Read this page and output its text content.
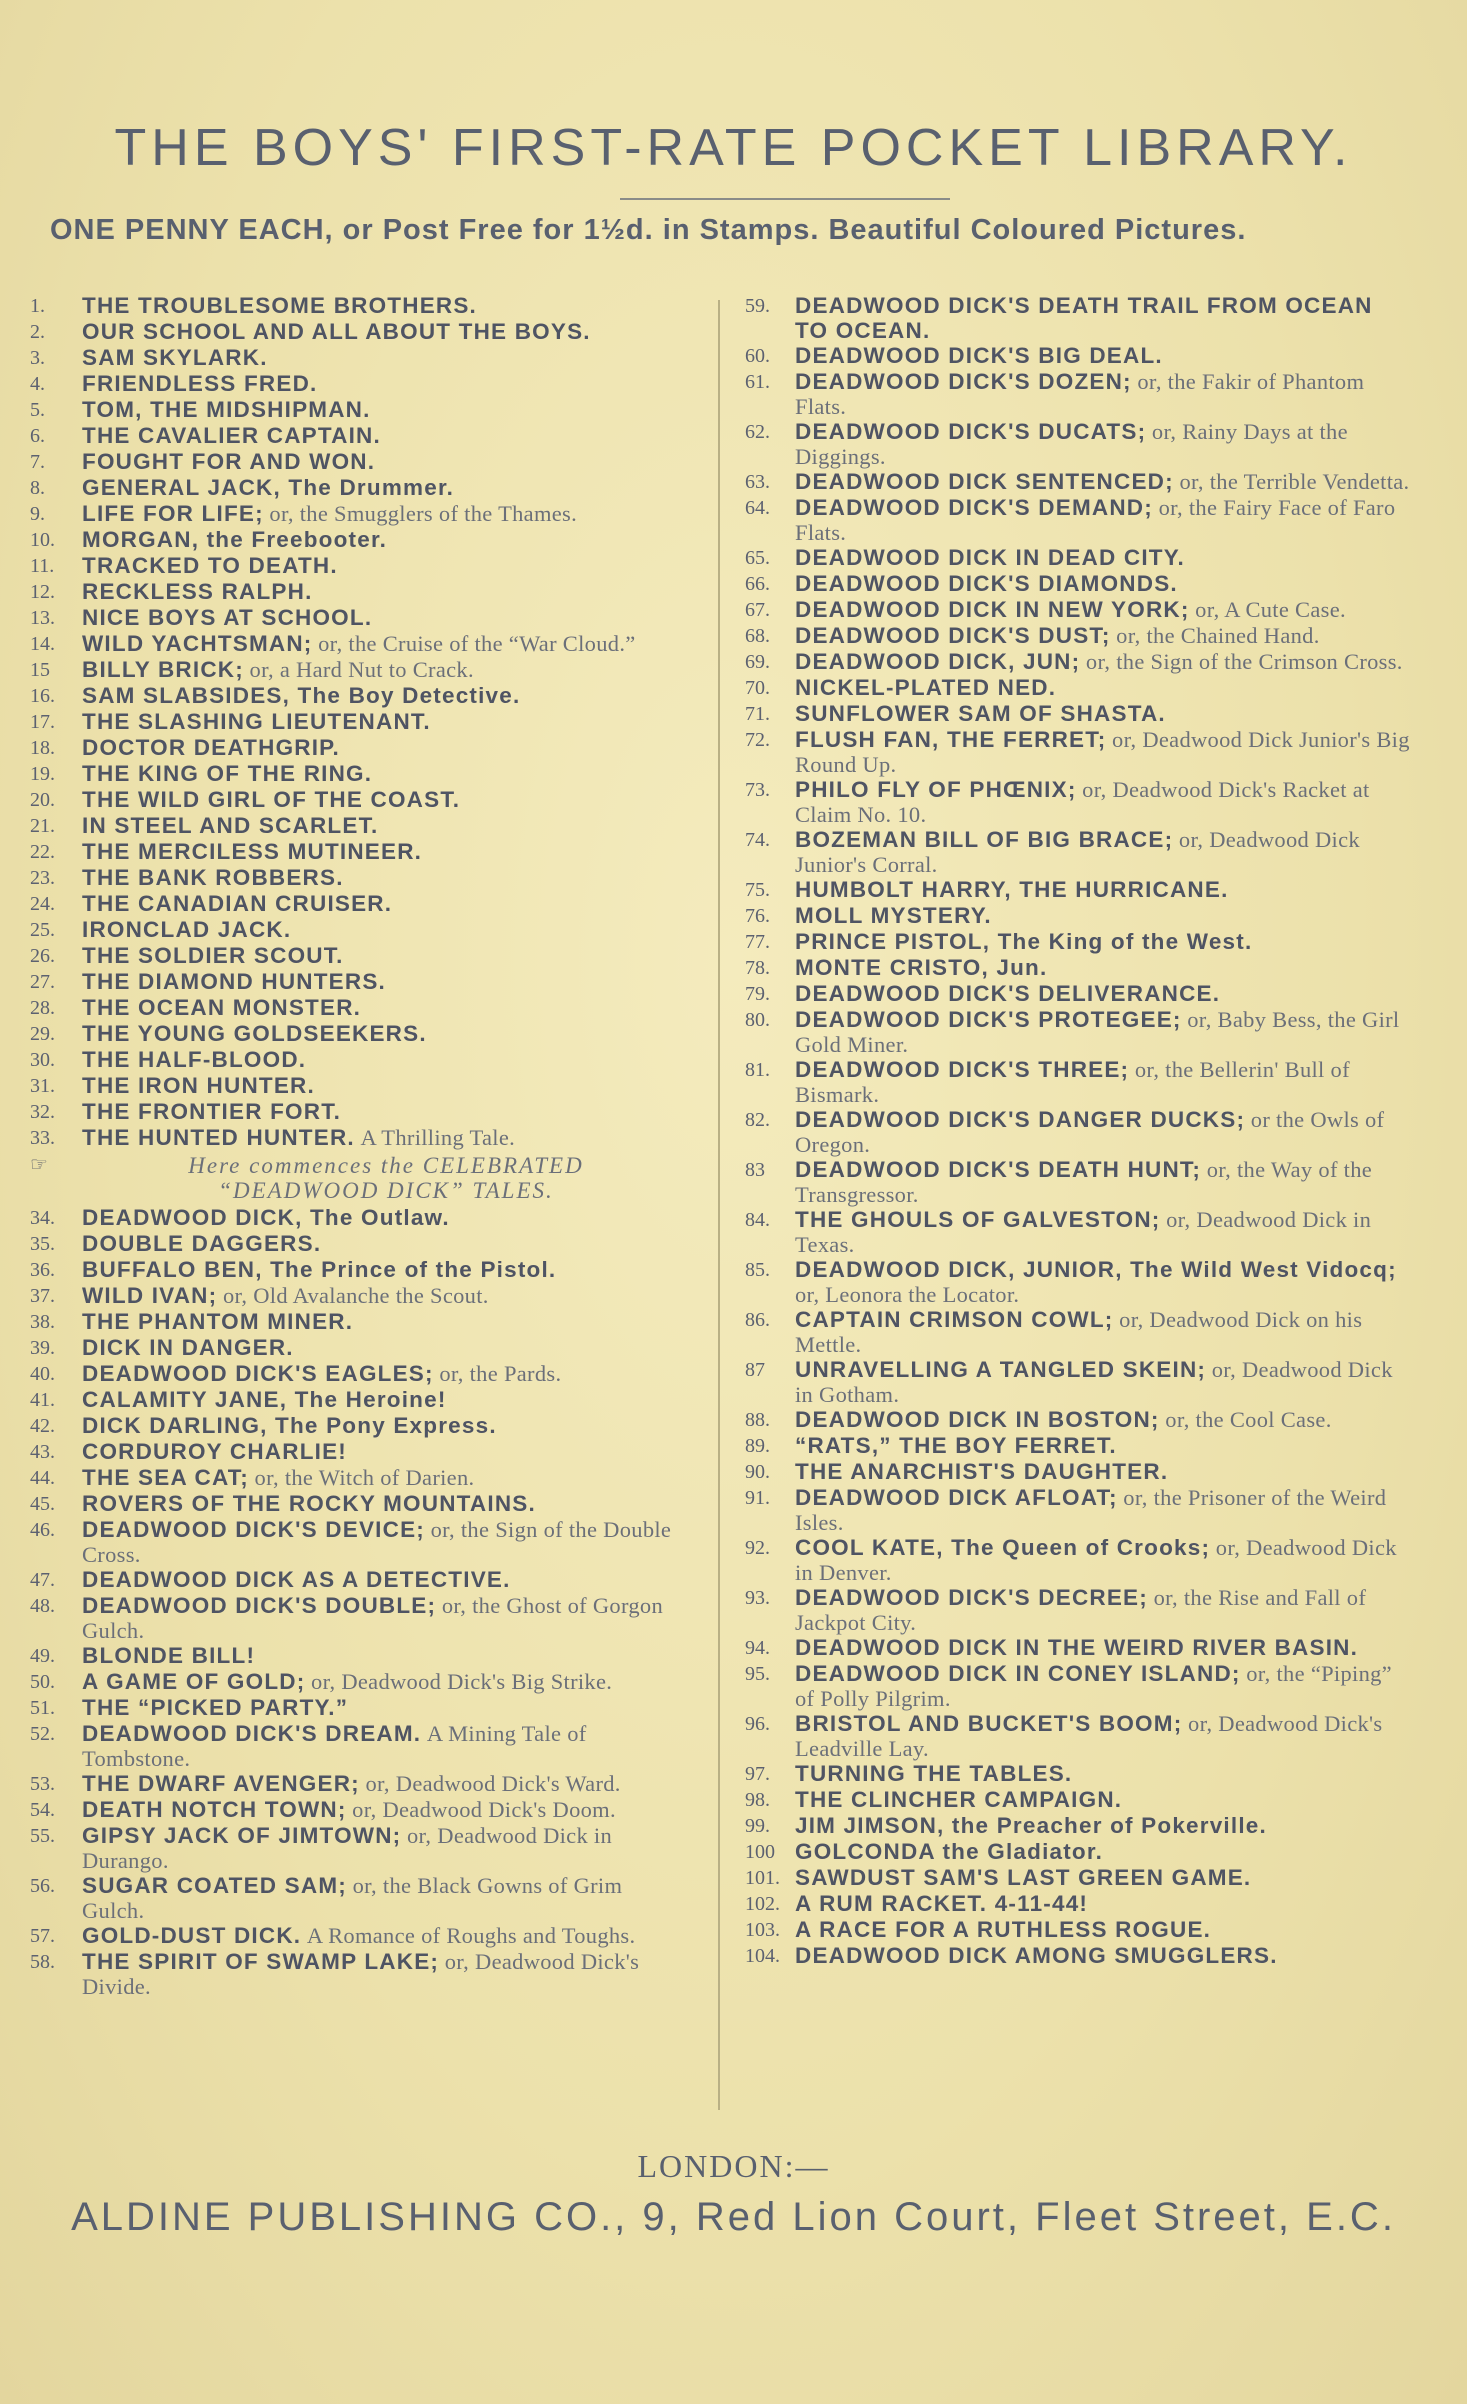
THE BOYS' FIRST-RATE POCKET LIBRARY.
ONE PENNY EACH, or Post Free for 1½d. in Stamps. Beautiful Coloured Pictures.
1.	THE TROUBLESOME BROTHERS.
2.	OUR SCHOOL AND ALL ABOUT THE BOYS.
3.	SAM SKYLARK.
4.	FRIENDLESS FRED.
5.	TOM, THE MIDSHIPMAN.
6.	THE CAVALIER CAPTAIN.
7.	FOUGHT FOR AND WON.
8.	GENERAL JACK, The Drummer.
9.	LIFE FOR LIFE; or, the Smugglers of the Thames.
10.	MORGAN, the Freebooter.
11.	TRACKED TO DEATH.
12.	RECKLESS RALPH.
13.	NICE BOYS AT SCHOOL.
14.	WILD YACHTSMAN; or, the Cruise of the “War Cloud.”
15	BILLY BRICK; or, a Hard Nut to Crack.
16.	SAM SLABSIDES, The Boy Detective.
17.	THE SLASHING LIEUTENANT.
18.	DOCTOR DEATHGRIP.
19.	THE KING OF THE RING.
20.	THE WILD GIRL OF THE COAST.
21.	IN STEEL AND SCARLET.
22.	THE MERCILESS MUTINEER.
23.	THE BANK ROBBERS.
24.	THE CANADIAN CRUISER.
25.	IRONCLAD JACK.
26.	THE SOLDIER SCOUT.
27.	THE DIAMOND HUNTERS.
28.	THE OCEAN MONSTER.
29.	THE YOUNG GOLDSEEKERS.
30.	THE HALF-BLOOD.
31.	THE IRON HUNTER.
32.	THE FRONTIER FORT.
33.	THE HUNTED HUNTER. A Thrilling Tale.
☞	Here commences the CELEBRATED
“DEADWOOD DICK” TALES.
34.	DEADWOOD DICK, The Outlaw.
35.	DOUBLE DAGGERS.
36.	BUFFALO BEN, The Prince of the Pistol.
37.	WILD IVAN; or, Old Avalanche the Scout.
38.	THE PHANTOM MINER.
39.	DICK IN DANGER.
40.	DEADWOOD DICK'S EAGLES; or, the Pards.
41.	CALAMITY JANE, The Heroine!
42.	DICK DARLING, The Pony Express.
43.	CORDUROY CHARLIE!
44.	THE SEA CAT; or, the Witch of Darien.
45.	ROVERS OF THE ROCKY MOUNTAINS.
46.	DEADWOOD DICK'S DEVICE; or, the Sign of the Double Cross.
47.	DEADWOOD DICK AS A DETECTIVE.
48.	DEADWOOD DICK'S DOUBLE; or, the Ghost of Gorgon Gulch.
49.	BLONDE BILL!
50.	A GAME OF GOLD; or, Deadwood Dick's Big Strike.
51.	THE “PICKED PARTY.”
52.	DEADWOOD DICK'S DREAM. A Mining Tale of Tombstone.
53.	THE DWARF AVENGER; or, Deadwood Dick's Ward.
54.	DEATH NOTCH TOWN; or, Deadwood Dick's Doom.
55.	GIPSY JACK OF JIMTOWN; or, Deadwood Dick in Durango.
56.	SUGAR COATED SAM; or, the Black Gowns of Grim Gulch.
57.	GOLD-DUST DICK. A Romance of Roughs and Toughs.
58.	THE SPIRIT OF SWAMP LAKE; or, Deadwood Dick's Divide.
59.	DEADWOOD DICK'S DEATH TRAIL FROM OCEAN TO OCEAN.
60.	DEADWOOD DICK'S BIG DEAL.
61.	DEADWOOD DICK'S DOZEN; or, the Fakir of Phantom Flats.
62.	DEADWOOD DICK'S DUCATS; or, Rainy Days at the Diggings.
63.	DEADWOOD DICK SENTENCED; or, the Terrible Vendetta.
64.	DEADWOOD DICK'S DEMAND; or, the Fairy Face of Faro Flats.
65.	DEADWOOD DICK IN DEAD CITY.
66.	DEADWOOD DICK'S DIAMONDS.
67.	DEADWOOD DICK IN NEW YORK; or, A Cute Case.
68.	DEADWOOD DICK'S DUST; or, the Chained Hand.
69.	DEADWOOD DICK, JUN; or, the Sign of the Crimson Cross.
70.	NICKEL-PLATED NED.
71.	SUNFLOWER SAM OF SHASTA.
72.	FLUSH FAN, THE FERRET; or, Deadwood Dick Junior's Big Round Up.
73.	PHILO FLY OF PHŒNIX; or, Deadwood Dick's Racket at Claim No. 10.
74.	BOZEMAN BILL OF BIG BRACE; or, Deadwood Dick Junior's Corral.
75.	HUMBOLT HARRY, THE HURRICANE.
76.	MOLL MYSTERY.
77.	PRINCE PISTOL, The King of the West.
78.	MONTE CRISTO, Jun.
79.	DEADWOOD DICK'S DELIVERANCE.
80.	DEADWOOD DICK'S PROTEGEE; or, Baby Bess, the Girl Gold Miner.
81.	DEADWOOD DICK'S THREE; or, the Bellerin' Bull of Bismark.
82.	DEADWOOD DICK'S DANGER DUCKS; or the Owls of Oregon.
83	DEADWOOD DICK'S DEATH HUNT; or, the Way of the Transgressor.
84.	THE GHOULS OF GALVESTON; or, Deadwood Dick in Texas.
85.	DEADWOOD DICK, JUNIOR, The Wild West Vidocq; or, Leonora the Locator.
86.	CAPTAIN CRIMSON COWL; or, Deadwood Dick on his Mettle.
87	UNRAVELLING A TANGLED SKEIN; or, Deadwood Dick in Gotham.
88.	DEADWOOD DICK IN BOSTON; or, the Cool Case.
89.	“RATS,” THE BOY FERRET.
90.	THE ANARCHIST'S DAUGHTER.
91.	DEADWOOD DICK AFLOAT; or, the Prisoner of the Weird Isles.
92.	COOL KATE, The Queen of Crooks; or, Deadwood Dick in Denver.
93.	DEADWOOD DICK'S DECREE; or, the Rise and Fall of Jackpot City.
94.	DEADWOOD DICK IN THE WEIRD RIVER BASIN.
95.	DEADWOOD DICK IN CONEY ISLAND; or, the “Piping” of Polly Pilgrim.
96.	BRISTOL AND BUCKET'S BOOM; or, Deadwood Dick's Leadville Lay.
97.	TURNING THE TABLES.
98.	THE CLINCHER CAMPAIGN.
99.	JIM JIMSON, the Preacher of Pokerville.
100 GOLCONDA the Gladiator.
101. SAWDUST SAM'S LAST GREEN GAME.
102. A RUM RACKET. 4-11-44!
103. A RACE FOR A RUTHLESS ROGUE.
104. DEADWOOD DICK AMONG SMUGGLERS.
LONDON:—
ALDINE PUBLISHING CO., 9, Red Lion Court, Fleet Street, E.C.
